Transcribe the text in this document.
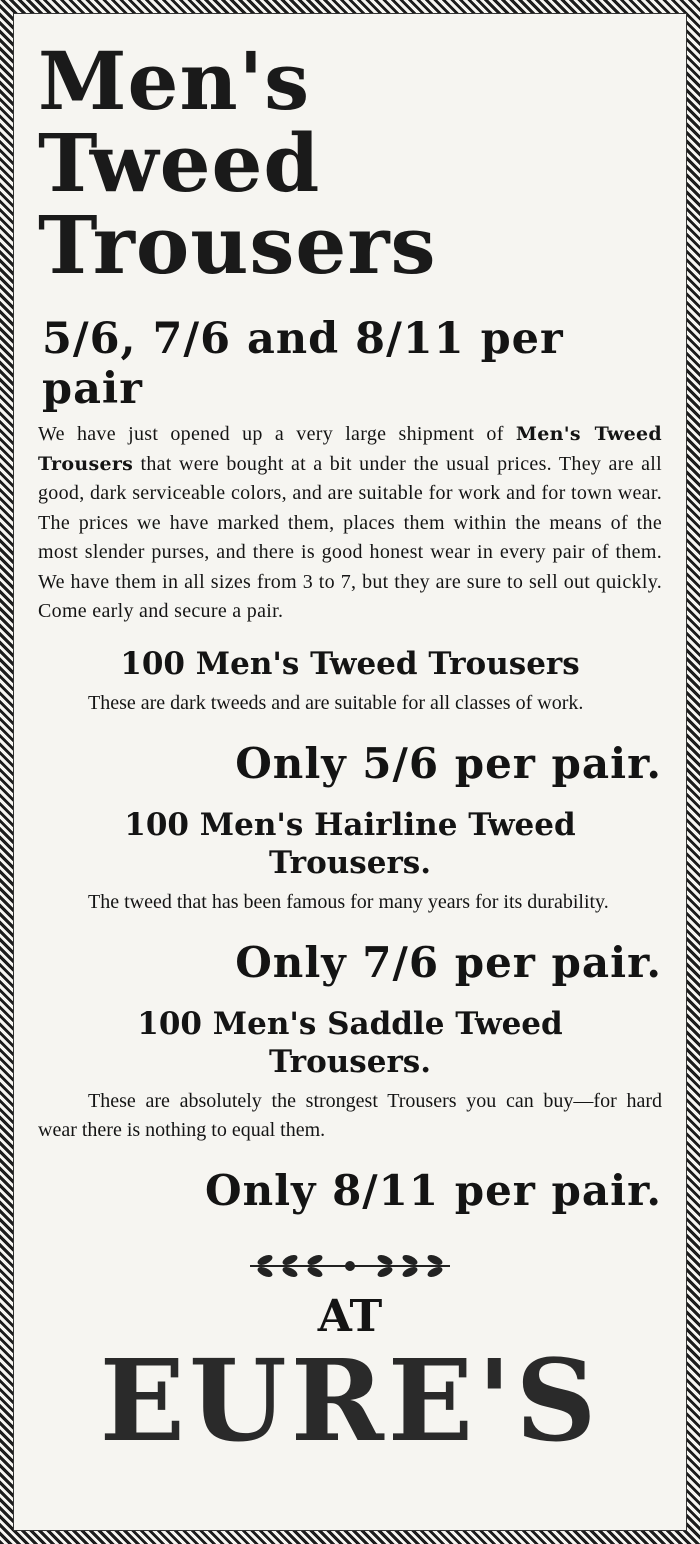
Men's
Tweed
Trousers
5/6, 7/6 and 8/11 per pair

We have just opened up a very large shipment of Men's Tweed Trousers that were bought at a bit under the usual prices. They are all good, dark serviceable colors, and are suitable for work and for town wear. The prices we have marked them, places them within the means of the most slender purses, and there is good honest wear in every pair of them. We have them in all sizes from 3 to 7, but they are sure to sell out quickly. Come early and secure a pair.

100 Men's Tweed Trousers

These are dark tweeds and are suitable for all classes of work.

Only 5/6 per pair.
100 Men's Hairline Tweed Trousers.

The tweed that has been famous for many years for its durability.

Only 7/6 per pair.
100 Men's Saddle Tweed Trousers.

These are absolutely the strongest Trousers you can buy—for hard wear there is nothing to equal them.

Only 8/11 per pair.
AT
EURE'S
